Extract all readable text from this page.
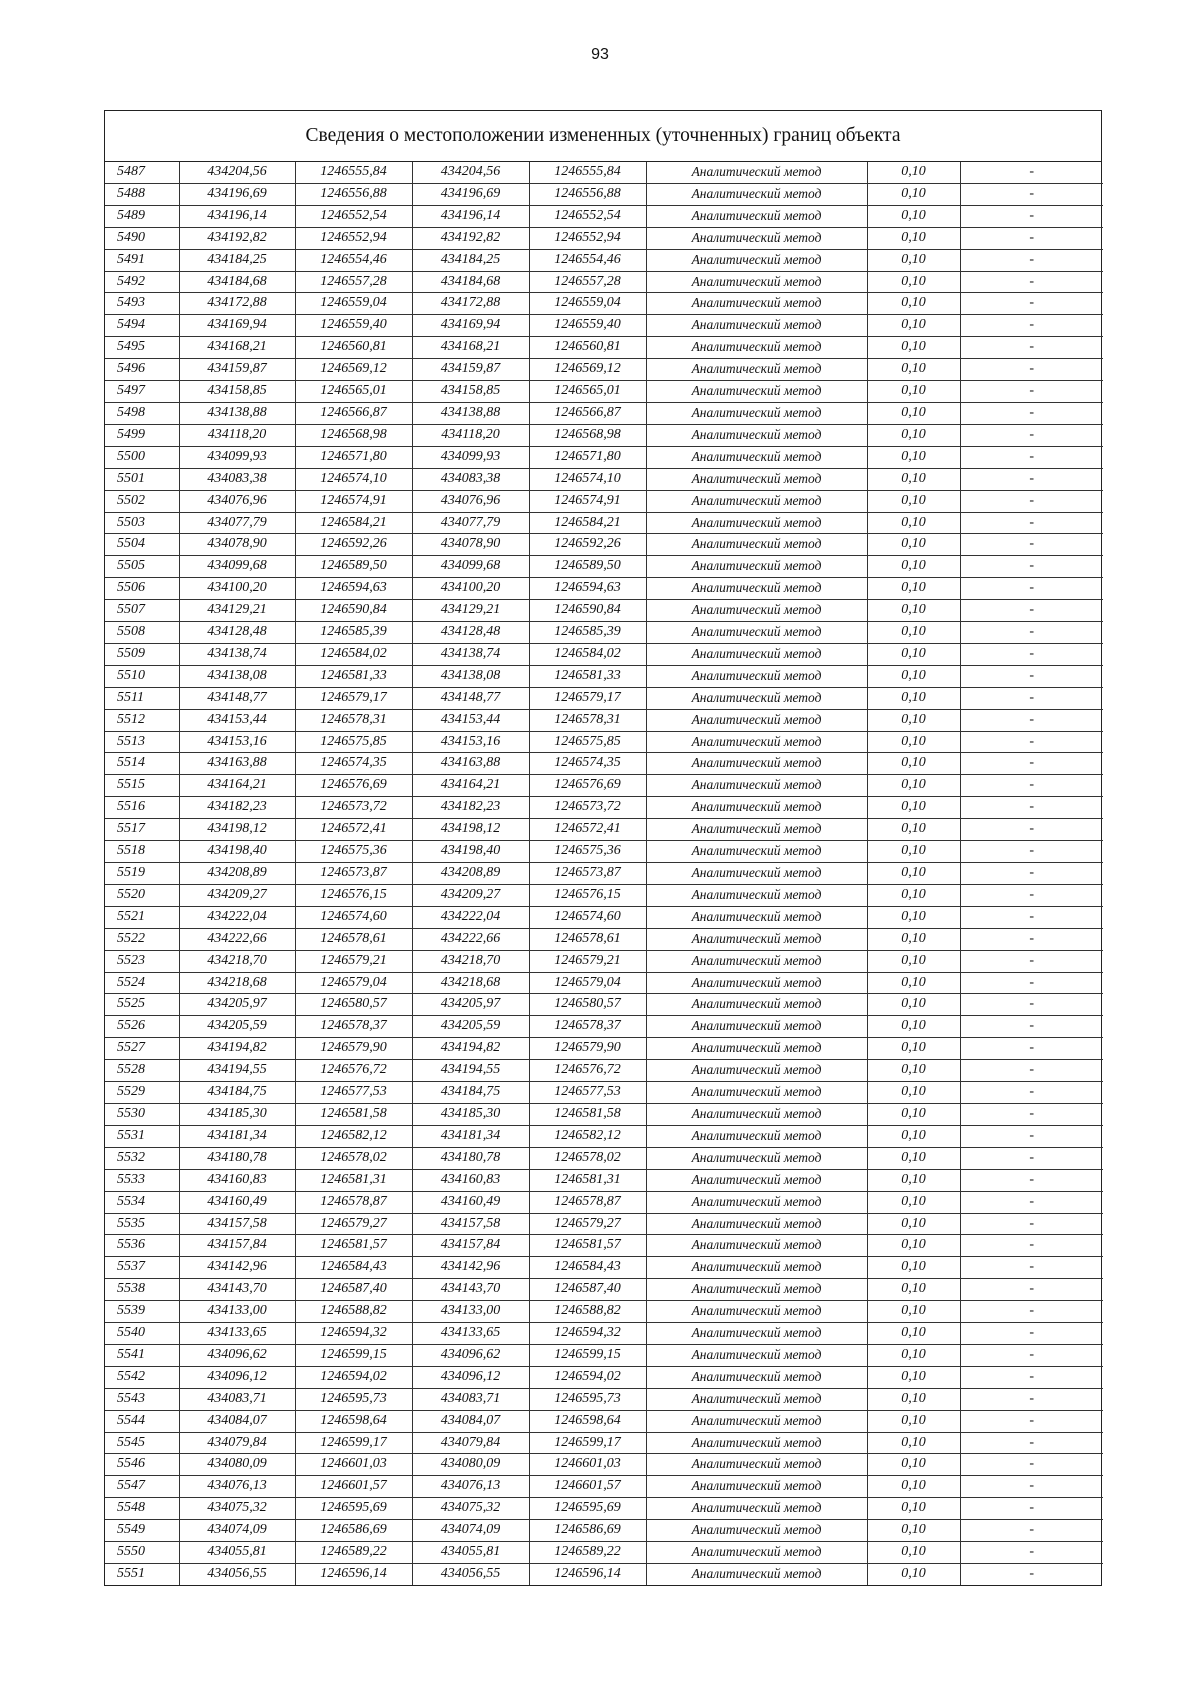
93
Сведения о местоположении измененных (уточненных) границ объекта
5487	434204,56	1246555,84	434204,56	1246555,84	Аналитический метод	0,10	-
5488	434196,69	1246556,88	434196,69	1246556,88	Аналитический метод	0,10	-
5489	434196,14	1246552,54	434196,14	1246552,54	Аналитический метод	0,10	-
5490	434192,82	1246552,94	434192,82	1246552,94	Аналитический метод	0,10	-
5491	434184,25	1246554,46	434184,25	1246554,46	Аналитический метод	0,10	-
5492	434184,68	1246557,28	434184,68	1246557,28	Аналитический метод	0,10	-
5493	434172,88	1246559,04	434172,88	1246559,04	Аналитический метод	0,10	-
5494	434169,94	1246559,40	434169,94	1246559,40	Аналитический метод	0,10	-
5495	434168,21	1246560,81	434168,21	1246560,81	Аналитический метод	0,10	-
5496	434159,87	1246569,12	434159,87	1246569,12	Аналитический метод	0,10	-
5497	434158,85	1246565,01	434158,85	1246565,01	Аналитический метод	0,10	-
5498	434138,88	1246566,87	434138,88	1246566,87	Аналитический метод	0,10	-
5499	434118,20	1246568,98	434118,20	1246568,98	Аналитический метод	0,10	-
5500	434099,93	1246571,80	434099,93	1246571,80	Аналитический метод	0,10	-
5501	434083,38	1246574,10	434083,38	1246574,10	Аналитический метод	0,10	-
5502	434076,96	1246574,91	434076,96	1246574,91	Аналитический метод	0,10	-
5503	434077,79	1246584,21	434077,79	1246584,21	Аналитический метод	0,10	-
5504	434078,90	1246592,26	434078,90	1246592,26	Аналитический метод	0,10	-
5505	434099,68	1246589,50	434099,68	1246589,50	Аналитический метод	0,10	-
5506	434100,20	1246594,63	434100,20	1246594,63	Аналитический метод	0,10	-
5507	434129,21	1246590,84	434129,21	1246590,84	Аналитический метод	0,10	-
5508	434128,48	1246585,39	434128,48	1246585,39	Аналитический метод	0,10	-
5509	434138,74	1246584,02	434138,74	1246584,02	Аналитический метод	0,10	-
5510	434138,08	1246581,33	434138,08	1246581,33	Аналитический метод	0,10	-
5511	434148,77	1246579,17	434148,77	1246579,17	Аналитический метод	0,10	-
5512	434153,44	1246578,31	434153,44	1246578,31	Аналитический метод	0,10	-
5513	434153,16	1246575,85	434153,16	1246575,85	Аналитический метод	0,10	-
5514	434163,88	1246574,35	434163,88	1246574,35	Аналитический метод	0,10	-
5515	434164,21	1246576,69	434164,21	1246576,69	Аналитический метод	0,10	-
5516	434182,23	1246573,72	434182,23	1246573,72	Аналитический метод	0,10	-
5517	434198,12	1246572,41	434198,12	1246572,41	Аналитический метод	0,10	-
5518	434198,40	1246575,36	434198,40	1246575,36	Аналитический метод	0,10	-
5519	434208,89	1246573,87	434208,89	1246573,87	Аналитический метод	0,10	-
5520	434209,27	1246576,15	434209,27	1246576,15	Аналитический метод	0,10	-
5521	434222,04	1246574,60	434222,04	1246574,60	Аналитический метод	0,10	-
5522	434222,66	1246578,61	434222,66	1246578,61	Аналитический метод	0,10	-
5523	434218,70	1246579,21	434218,70	1246579,21	Аналитический метод	0,10	-
5524	434218,68	1246579,04	434218,68	1246579,04	Аналитический метод	0,10	-
5525	434205,97	1246580,57	434205,97	1246580,57	Аналитический метод	0,10	-
5526	434205,59	1246578,37	434205,59	1246578,37	Аналитический метод	0,10	-
5527	434194,82	1246579,90	434194,82	1246579,90	Аналитический метод	0,10	-
5528	434194,55	1246576,72	434194,55	1246576,72	Аналитический метод	0,10	-
5529	434184,75	1246577,53	434184,75	1246577,53	Аналитический метод	0,10	-
5530	434185,30	1246581,58	434185,30	1246581,58	Аналитический метод	0,10	-
5531	434181,34	1246582,12	434181,34	1246582,12	Аналитический метод	0,10	-
5532	434180,78	1246578,02	434180,78	1246578,02	Аналитический метод	0,10	-
5533	434160,83	1246581,31	434160,83	1246581,31	Аналитический метод	0,10	-
5534	434160,49	1246578,87	434160,49	1246578,87	Аналитический метод	0,10	-
5535	434157,58	1246579,27	434157,58	1246579,27	Аналитический метод	0,10	-
5536	434157,84	1246581,57	434157,84	1246581,57	Аналитический метод	0,10	-
5537	434142,96	1246584,43	434142,96	1246584,43	Аналитический метод	0,10	-
5538	434143,70	1246587,40	434143,70	1246587,40	Аналитический метод	0,10	-
5539	434133,00	1246588,82	434133,00	1246588,82	Аналитический метод	0,10	-
5540	434133,65	1246594,32	434133,65	1246594,32	Аналитический метод	0,10	-
5541	434096,62	1246599,15	434096,62	1246599,15	Аналитический метод	0,10	-
5542	434096,12	1246594,02	434096,12	1246594,02	Аналитический метод	0,10	-
5543	434083,71	1246595,73	434083,71	1246595,73	Аналитический метод	0,10	-
5544	434084,07	1246598,64	434084,07	1246598,64	Аналитический метод	0,10	-
5545	434079,84	1246599,17	434079,84	1246599,17	Аналитический метод	0,10	-
5546	434080,09	1246601,03	434080,09	1246601,03	Аналитический метод	0,10	-
5547	434076,13	1246601,57	434076,13	1246601,57	Аналитический метод	0,10	-
5548	434075,32	1246595,69	434075,32	1246595,69	Аналитический метод	0,10	-
5549	434074,09	1246586,69	434074,09	1246586,69	Аналитический метод	0,10	-
5550	434055,81	1246589,22	434055,81	1246589,22	Аналитический метод	0,10	-
5551	434056,55	1246596,14	434056,55	1246596,14	Аналитический метод	0,10	-
